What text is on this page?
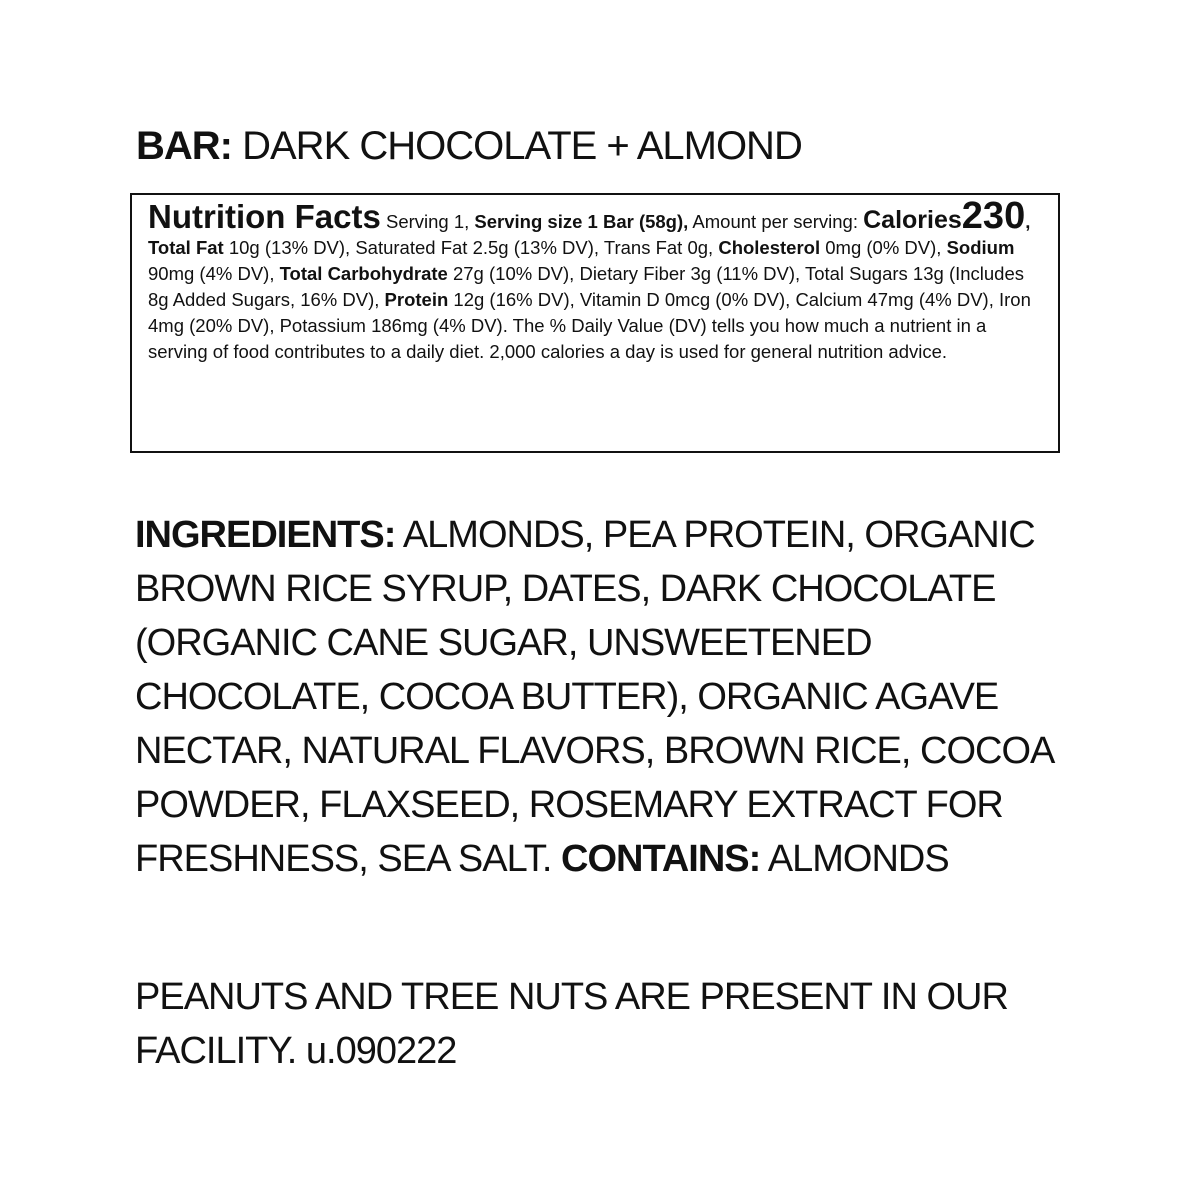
BAR: DARK CHOCOLATE + ALMOND

Nutrition Facts Serving 1, Serving size 1 Bar (58g), Amount per serving: Calories230, Total Fat 10g (13% DV), Saturated Fat 2.5g (13% DV), Trans Fat 0g, Cholesterol 0mg (0% DV), Sodium 90mg (4% DV), Total Carbohydrate 27g (10% DV), Dietary Fiber 3g (11% DV), Total Sugars 13g (Includes 8g Added Sugars, 16% DV), Protein 12g (16% DV), Vitamin D 0mcg (0% DV), Calcium 47mg (4% DV), Iron 4mg (20% DV), Potassium 186mg (4% DV). The % Daily Value (DV) tells you how much a nutrient in a serving of food contributes to a daily diet. 2,000 calories a day is used for general nutrition advice.

INGREDIENTS: ALMONDS, PEA PROTEIN, ORGANIC BROWN RICE SYRUP, DATES, DARK CHOCOLATE (ORGANIC CANE SUGAR, UNSWEETENED CHOCOLATE, COCOA BUTTER), ORGANIC AGAVE NECTAR, NATURAL FLAVORS, BROWN RICE, COCOA POWDER, FLAXSEED, ROSEMARY EXTRACT FOR FRESHNESS, SEA SALT. CONTAINS: ALMONDS
PEANUTS AND TREE NUTS ARE PRESENT IN OUR FACILITY. u.090222
